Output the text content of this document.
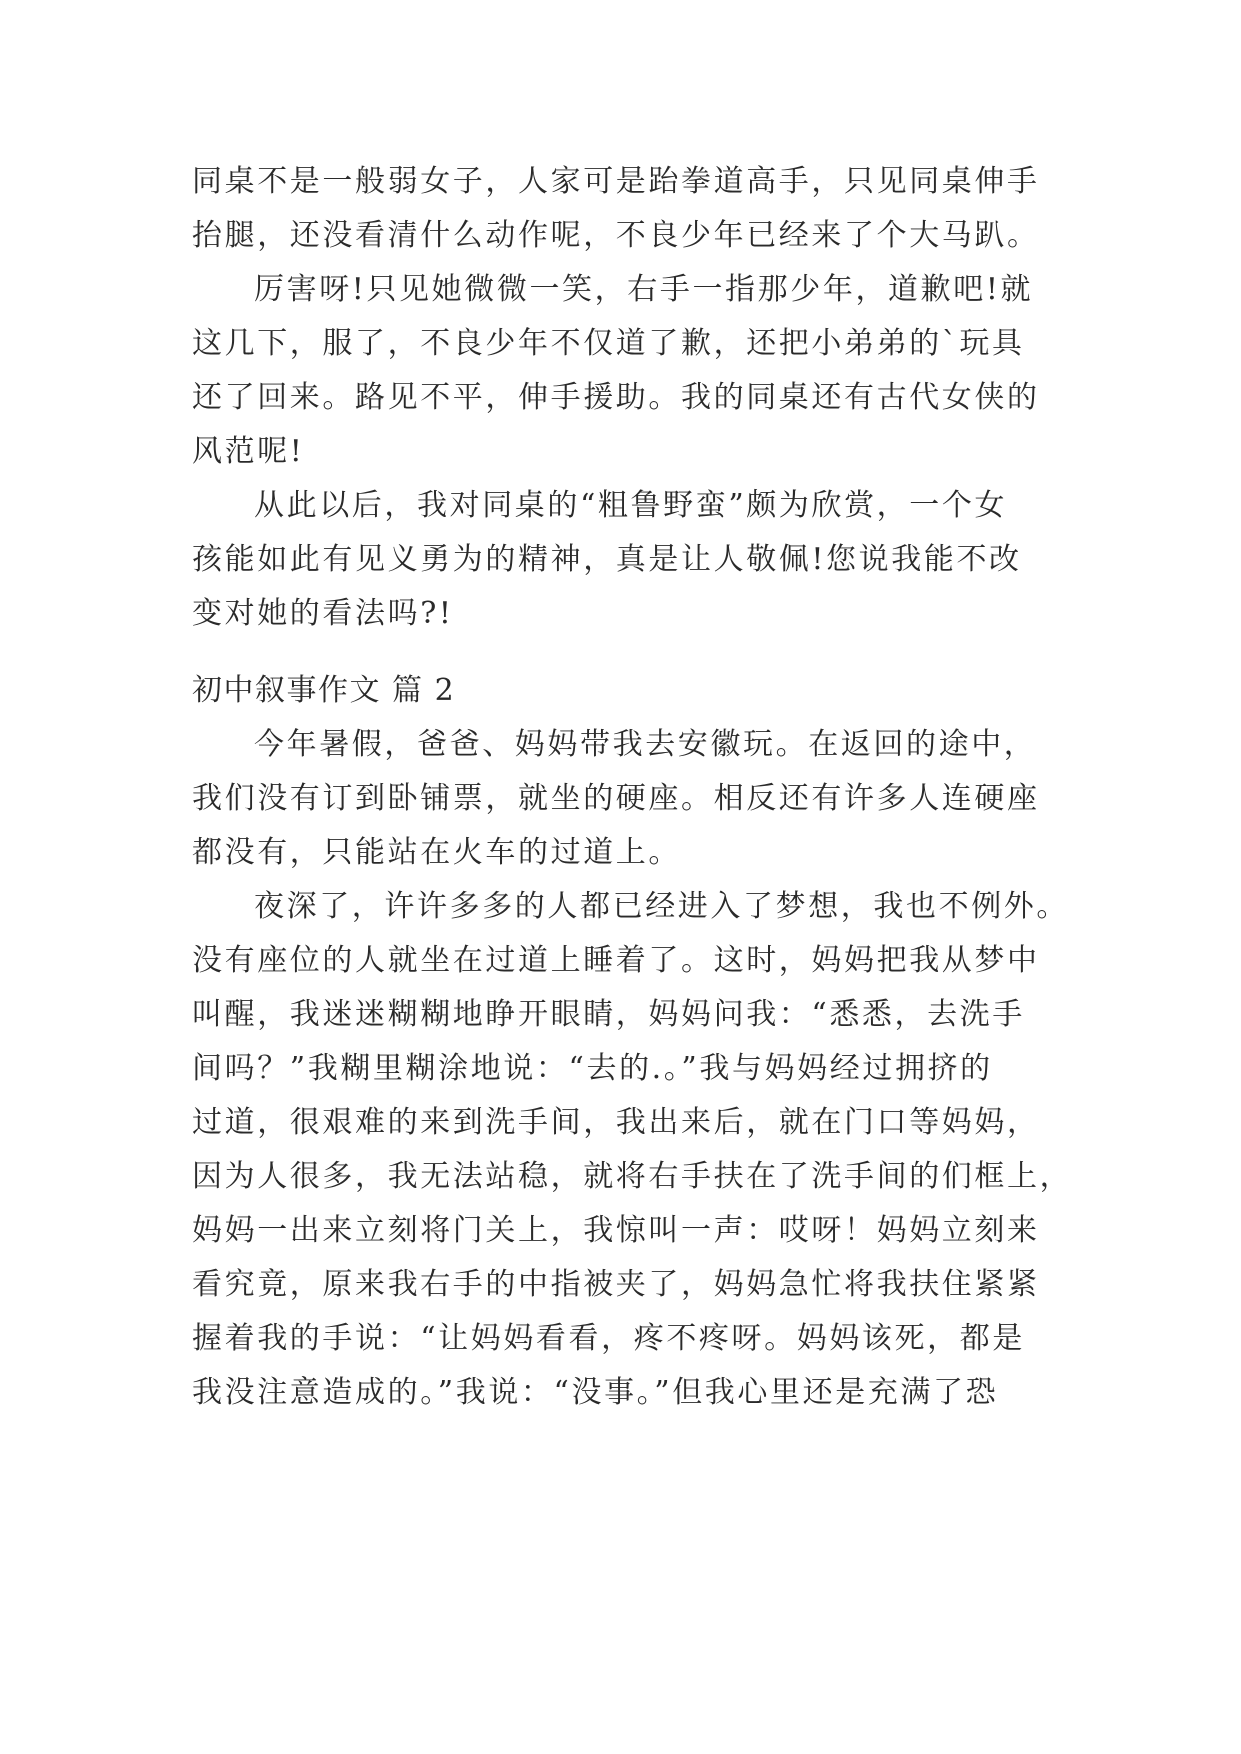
同桌不是一般弱女子，人家可是跆拳道高手，只见同桌伸手
抬腿，还没看清什么动作呢，不良少年已经来了个大马趴。
厉害呀!只见她微微一笑，右手一指那少年，道歉吧!就
这几下，服了，不良少年不仅道了歉，还把小弟弟的`玩具
还了回来。路见不平，伸手援助。我的同桌还有古代女侠的
风范呢!
从此以后，我对同桌的“粗鲁野蛮”颇为欣赏，一个女
孩能如此有见义勇为的精神，真是让人敬佩!您说我能不改
变对她的看法吗?!
初中叙事作文 篇 2
今年暑假，爸爸、妈妈带我去安徽玩。在返回的途中，
我们没有订到卧铺票，就坐的硬座。相反还有许多人连硬座
都没有，只能站在火车的过道上。
夜深了，许许多多的人都已经进入了梦想，我也不例外。
没有座位的人就坐在过道上睡着了。这时，妈妈把我从梦中
叫醒，我迷迷糊糊地睁开眼睛，妈妈问我：“悉悉，去洗手
间吗？”我糊里糊涂地说：“去的.。”我与妈妈经过拥挤的
过道，很艰难的来到洗手间，我出来后，就在门口等妈妈，
因为人很多，我无法站稳，就将右手扶在了洗手间的们框上，
妈妈一出来立刻将门关上，我惊叫一声：哎呀！妈妈立刻来
看究竟，原来我右手的中指被夹了，妈妈急忙将我扶住紧紧
握着我的手说：“让妈妈看看，疼不疼呀。妈妈该死，都是
我没注意造成的。”我说：“没事。”但我心里还是充满了恐
